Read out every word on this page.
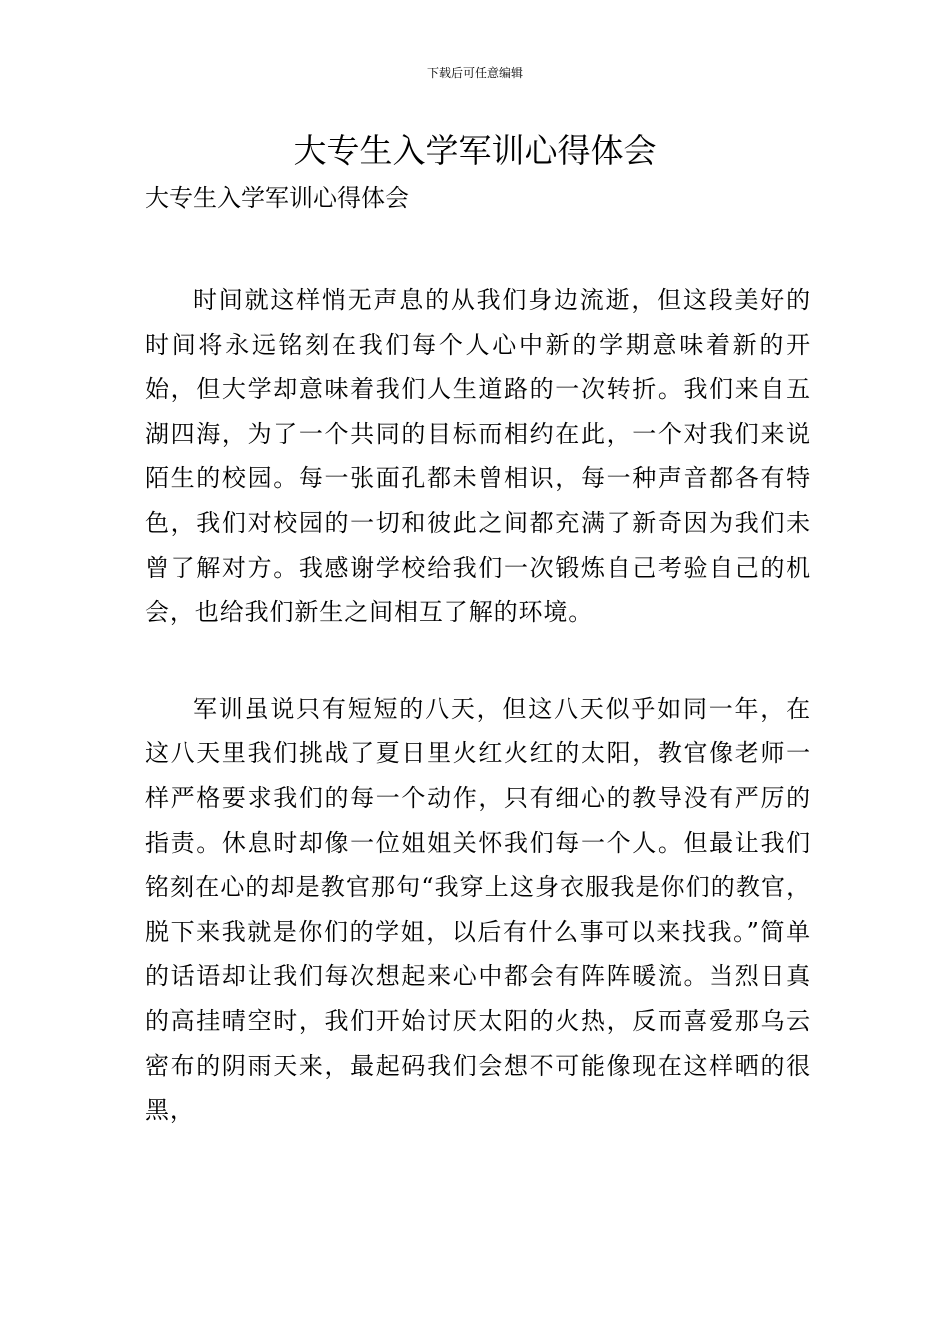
下载后可任意编辑
大专生入学军训心得体会

大专生入学军训心得体会

时间就这样悄无声息的从我们身边流逝，但这段美好的时间将永远铭刻在我们每个人心中新的学期意味着新的开始，但大学却意味着我们人生道路的一次转折。我们来自五湖四海，为了一个共同的目标而相约在此，一个对我们来说陌生的校园。每一张面孔都未曾相识，每一种声音都各有特色，我们对校园的一切和彼此之间都充满了新奇因为我们未曾了解对方。我感谢学校给我们一次锻炼自己考验自己的机会，也给我们新生之间相互了解的环境。

军训虽说只有短短的八天，但这八天似乎如同一年，在这八天里我们挑战了夏日里火红火红的太阳，教官像老师一样严格要求我们的每一个动作，只有细心的教导没有严厉的指责。休息时却像一位姐姐关怀我们每一个人。但最让我们铭刻在心的却是教官那句“我穿上这身衣服我是你们的教官，脱下来我就是你们的学姐，以后有什么事可以来找我。”简单的话语却让我们每次想起来心中都会有阵阵暖流。当烈日真的高挂晴空时，我们开始讨厌太阳的火热，反而喜爱那乌云密布的阴雨天来，最起码我们会想不可能像现在这样晒的很黑，
